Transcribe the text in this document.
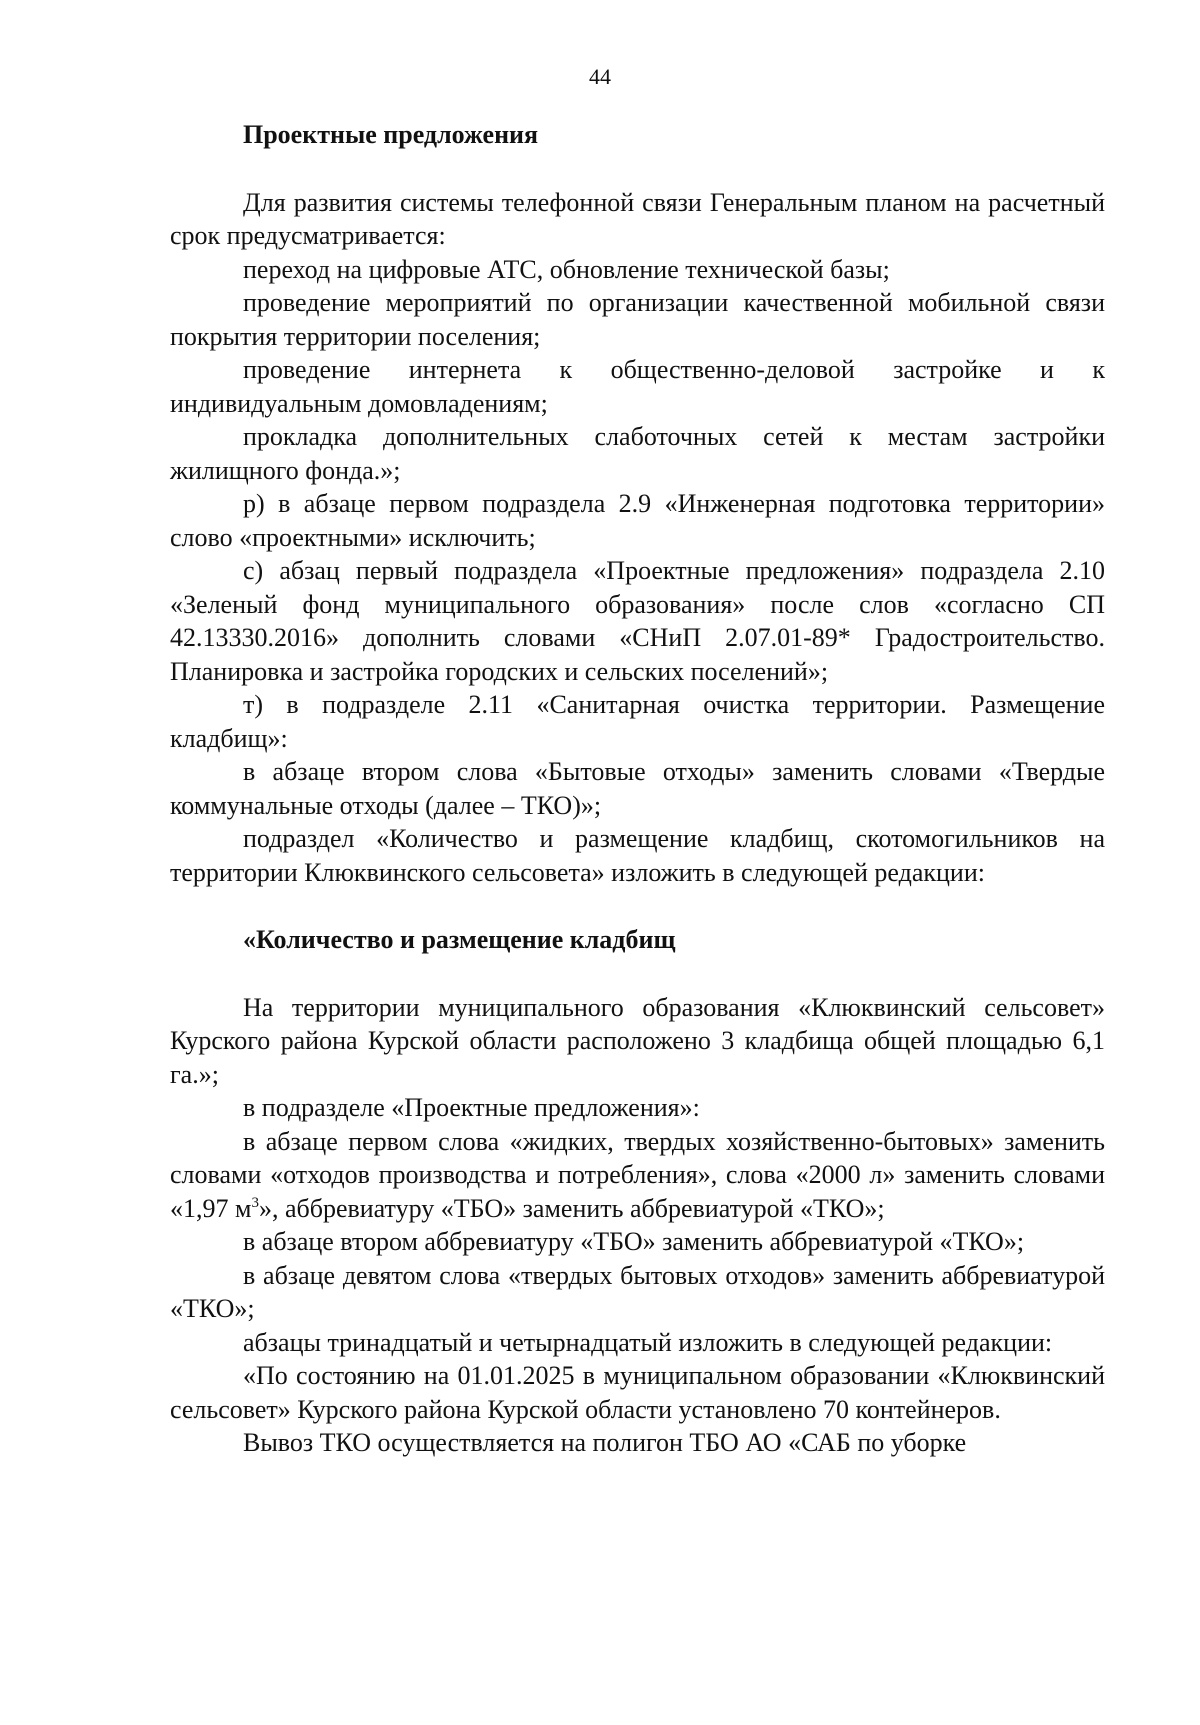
44

Проектные предложения

Для развития системы телефонной связи Генеральным планом на расчетный срок предусматривается:

переход на цифровые АТС, обновление технической базы;

проведение мероприятий по организации качественной мобильной связи покрытия территории поселения;

проведение интернета к общественно-деловой застройке и к индивидуальным домовладениям;

прокладка дополнительных слаботочных сетей к местам застройки жилищного фонда.»;

р) в абзаце первом подраздела 2.9 «Инженерная подготовка территории» слово «проектными» исключить;

с) абзац первый подраздела «Проектные предложения» подраздела 2.10 «Зеленый фонд муниципального образования» после слов «согласно СП 42.13330.2016» дополнить словами «СНиП 2.07.01-89* Градостроительство. Планировка и застройка городских и сельских поселений»;

т) в подразделе 2.11 «Санитарная очистка территории. Размещение кладбищ»:

в абзаце втором слова «Бытовые отходы» заменить словами «Твердые коммунальные отходы (далее – ТКО)»;

подраздел «Количество и размещение кладбищ, скотомогильников на территории Клюквинского сельсовета» изложить в следующей редакции:

«Количество и размещение кладбищ

На территории муниципального образования «Клюквинский сельсовет» Курского района Курской области расположено 3 кладбища общей площадью 6,1 га.»;

в подразделе «Проектные предложения»:

в абзаце первом слова «жидких, твердых хозяйственно-бытовых» заменить словами «отходов производства и потребления», слова «2000 л» заменить словами «1,97 $м^3$», аббревиатуру «ТБО» заменить аббревиатурой «ТКО»;

в абзаце втором аббревиатуру «ТБО» заменить аббревиатурой «ТКО»;

в абзаце девятом слова «твердых бытовых отходов» заменить аббревиатурой «ТКО»;

абзацы тринадцатый и четырнадцатый изложить в следующей редакции:

«По состоянию на 01.01.2025 в муниципальном образовании «Клюквинский сельсовет» Курского района Курской области установлено 70 контейнеров.

Вывоз ТКО осуществляется на полигон ТБО АО «САБ по уборке
